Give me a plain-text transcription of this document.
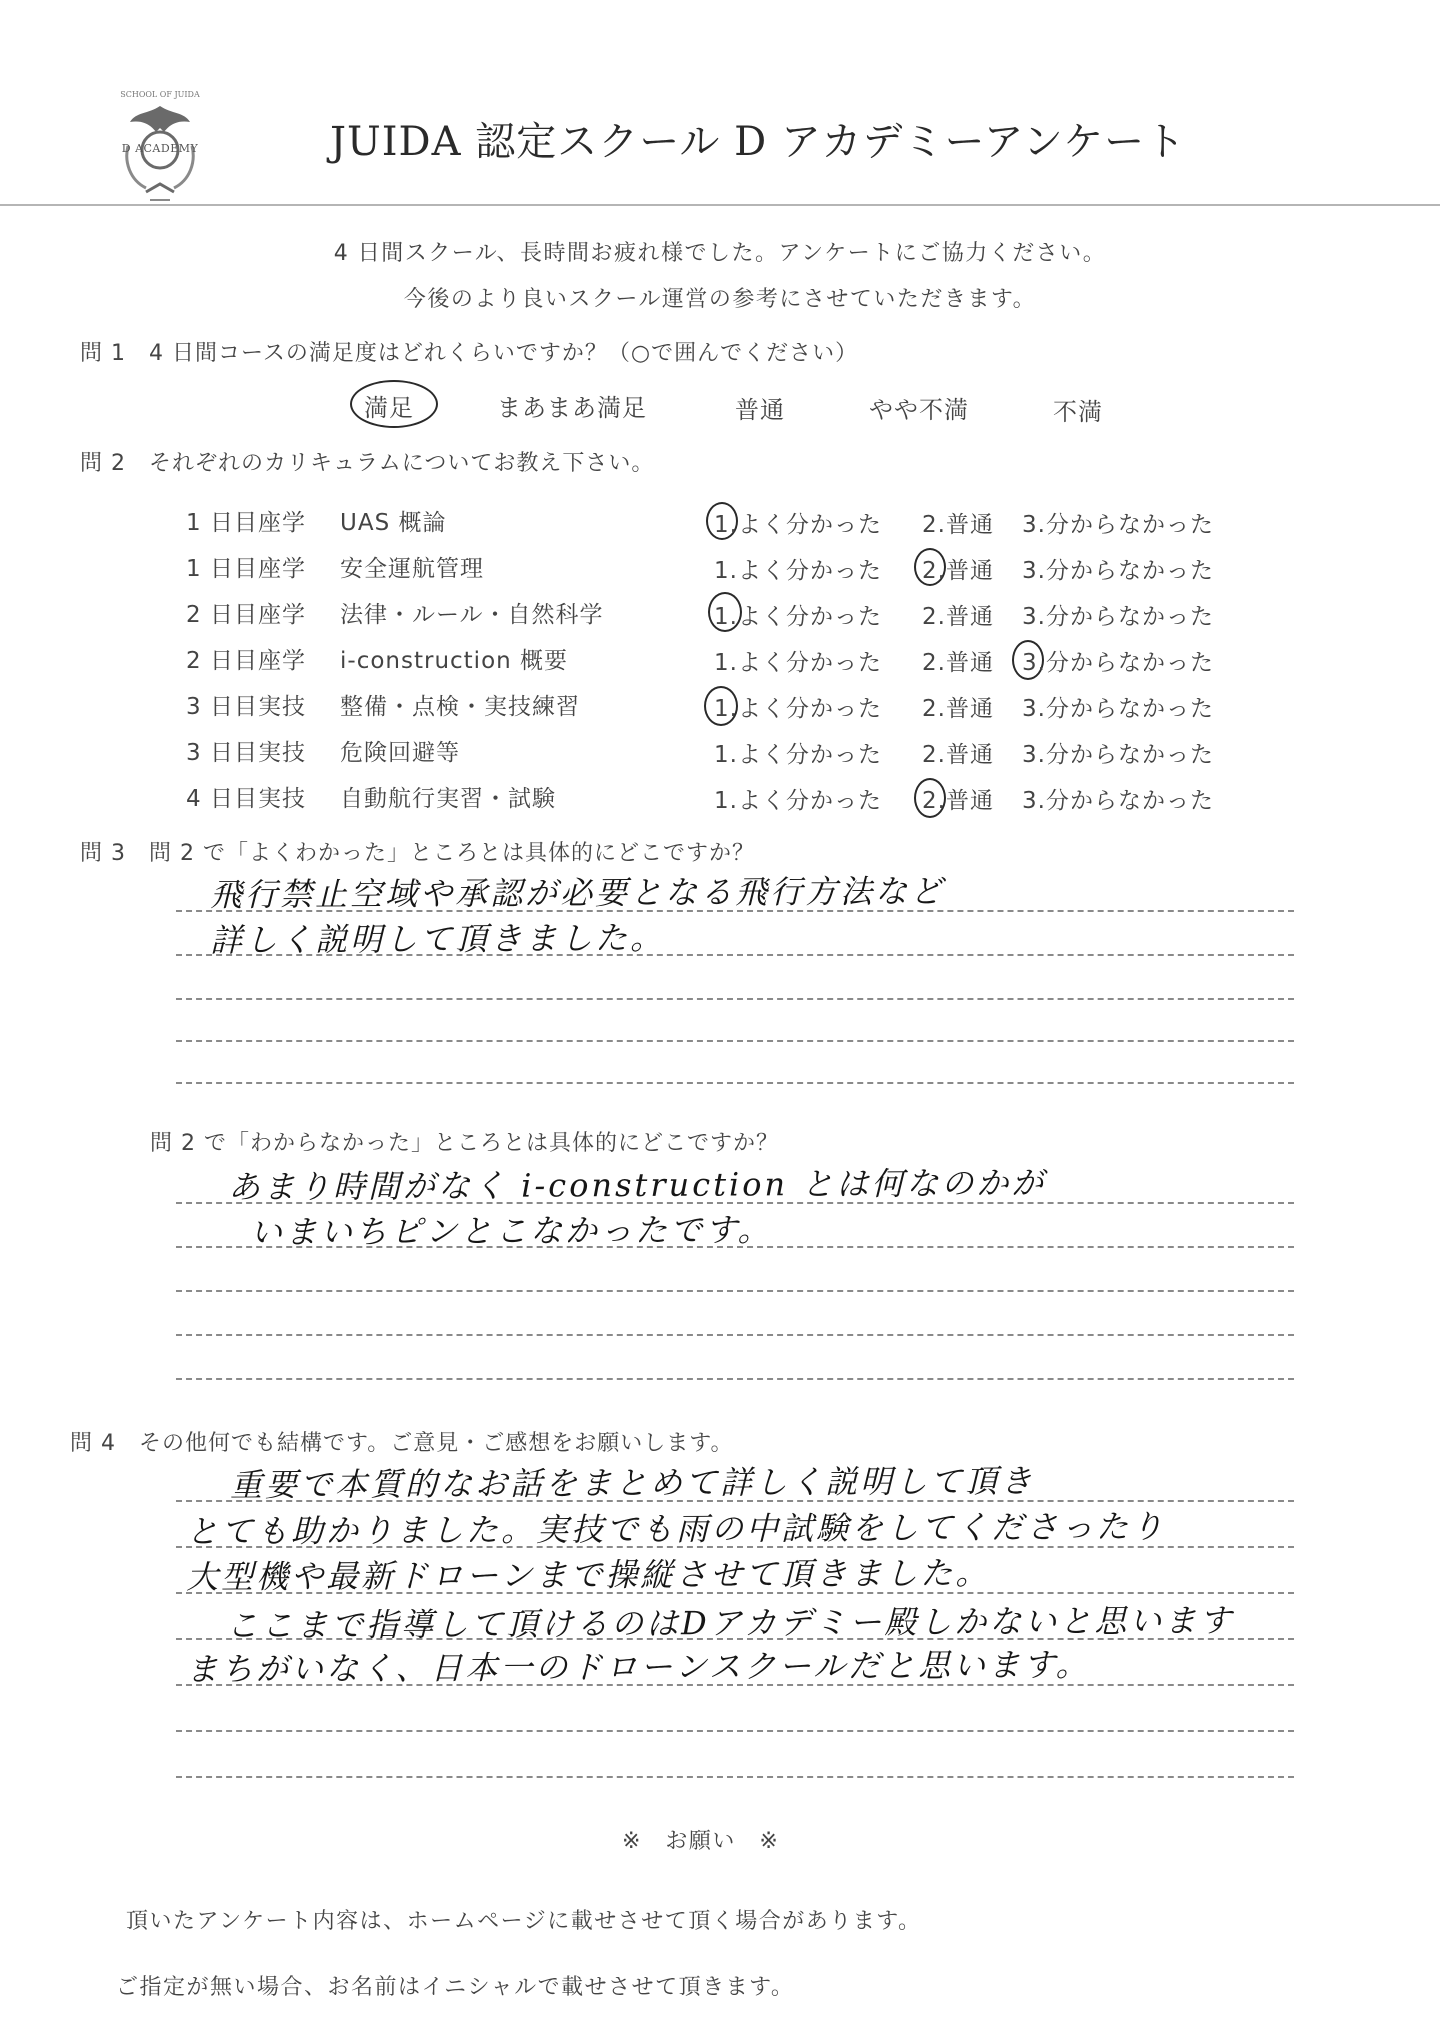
SCHOOL OF JUIDA
D ACADEMY	JUIDA 認定スクール D アカデミーアンケート
4 日間スクール、長時間お疲れ様でした。アンケートにご協力ください。
今後のより良いスクール運営の参考にさせていただきます。
問 1　4 日間コースの満足度はどれくらいですか？（○で囲んでください）
満足	まあまあ満足	普通	やや不満	不満
問 2　それぞれのカリキュラムについてお教え下さい。
1 日目座学 UAS 概論	1.よく分かった 2.普通 3.分からなかった
1 日目座学 安全運航管理	1.よく分かった 2.普通 3.分からなかった
2 日目座学 法律・ルール・自然科学	1.よく分かった 2.普通 3.分からなかった
2 日目座学 i-construction 概要	1.よく分かった 2.普通 3.分からなかった
3 日目実技 整備・点検・実技練習	1.よく分かった 2.普通 3.分からなかった
3 日目実技 危険回避等	1.よく分かった 2.普通 3.分からなかった
4 日目実技 自動航行実習・試験	1.よく分かった 2.普通 3.分からなかった
問 3　問 2 で「よくわかった」ところとは具体的にどこですか？
飛行禁止空域や承認が必要となる飛行方法など
詳しく説明して頂きました。
問 2 で「わからなかった」ところとは具体的にどこですか？
あまり時間がなく i-construction とは何なのかが
いまいちピンとこなかったです。
問 4　その他何でも結構です。ご意見・ご感想をお願いします。
重要で本質的なお話をまとめて詳しく説明して頂き
とても助かりました。実技でも雨の中試験をしてくださったり
大型機や最新ドローンまで操縦させて頂きました。
ここまで指導して頂けるのはDアカデミー殿しかないと思います
まちがいなく、日本一のドローンスクールだと思います。
※　お願い　※
頂いたアンケート内容は、ホームページに載せさせて頂く場合があります。
ご指定が無い場合、お名前はイニシャルで載せさせて頂きます。
